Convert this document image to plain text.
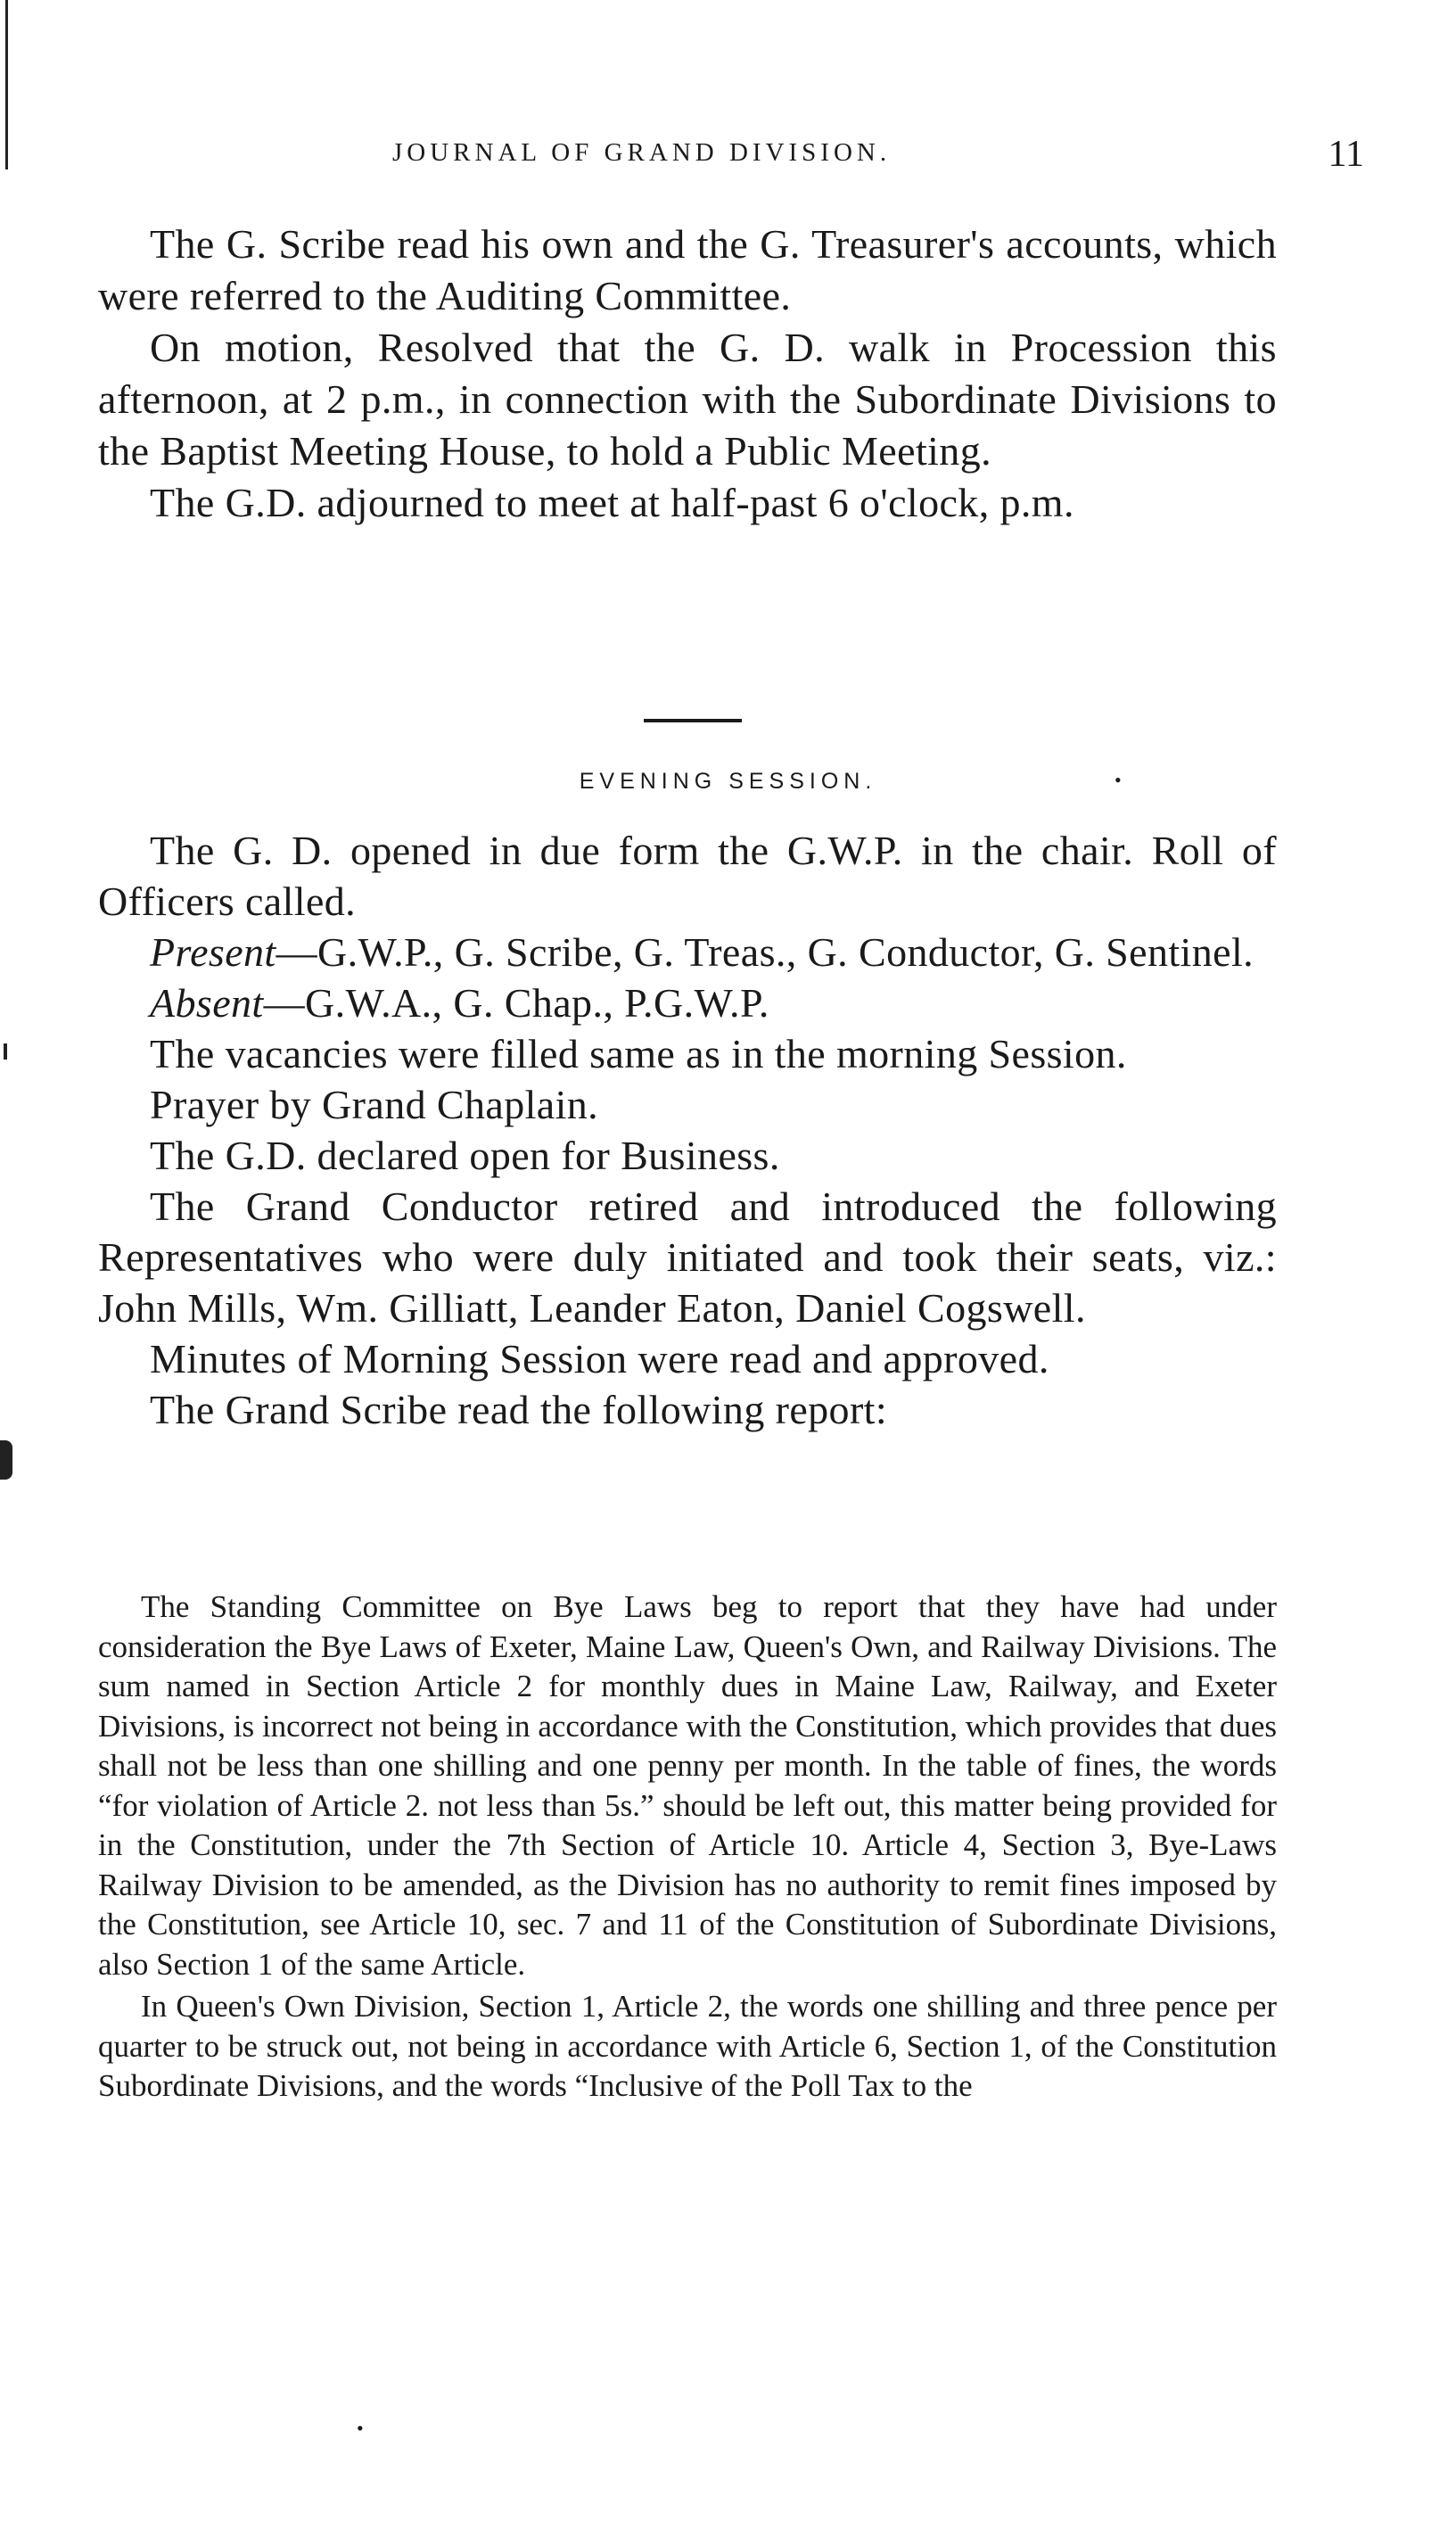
JOURNAL OF GRAND DIVISION.	11

The G. Scribe read his own and the G. Treasurer's accounts, which were referred to the Auditing Committee.

On motion, Resolved that the G. D. walk in Procession this afternoon, at 2 p.m., in connection with the Subordinate Divisions to the Baptist Meeting House, to hold a Public Meeting.

The G.D. adjourned to meet at half-past 6 o'clock, p.m.

EVENING SESSION.

The G. D. opened in due form the G.W.P. in the chair. Roll of Officers called.

Present—G.W.P., G. Scribe, G. Treas., G. Conductor, G. Sentinel.

Absent—G.W.A., G. Chap., P.G.W.P.

The vacancies were filled same as in the morning Session.

Prayer by Grand Chaplain.

The G.D. declared open for Business.

The Grand Conductor retired and introduced the following Representatives who were duly initiated and took their seats, viz.: John Mills, Wm. Gilliatt, Leander Eaton, Daniel Cogswell.

Minutes of Morning Session were read and approved.

The Grand Scribe read the following report:

The Standing Committee on Bye Laws beg to report that they have had under consideration the Bye Laws of Exeter, Maine Law, Queen's Own, and Railway Divisions. The sum named in Section Article 2 for monthly dues in Maine Law, Railway, and Exeter Divisions, is incorrect not being in accordance with the Constitution, which provides that dues shall not be less than one shilling and one penny per month. In the table of fines, the words “for violation of Article 2. not less than 5s.” should be left out, this matter being provided for in the Constitution, under the 7th Section of Article 10. Article 4, Section 3, Bye-Laws Railway Division to be amended, as the Division has no authority to remit fines imposed by the Constitution, see Article 10, sec. 7 and 11 of the Constitution of Subordinate Divisions, also Section 1 of the same Article.

In Queen's Own Division, Section 1, Article 2, the words one shilling and three pence per quarter to be struck out, not being in accordance with Article 6, Section 1, of the Constitution Subordinate Divisions, and the words “Inclusive of the Poll Tax to the

•
•
